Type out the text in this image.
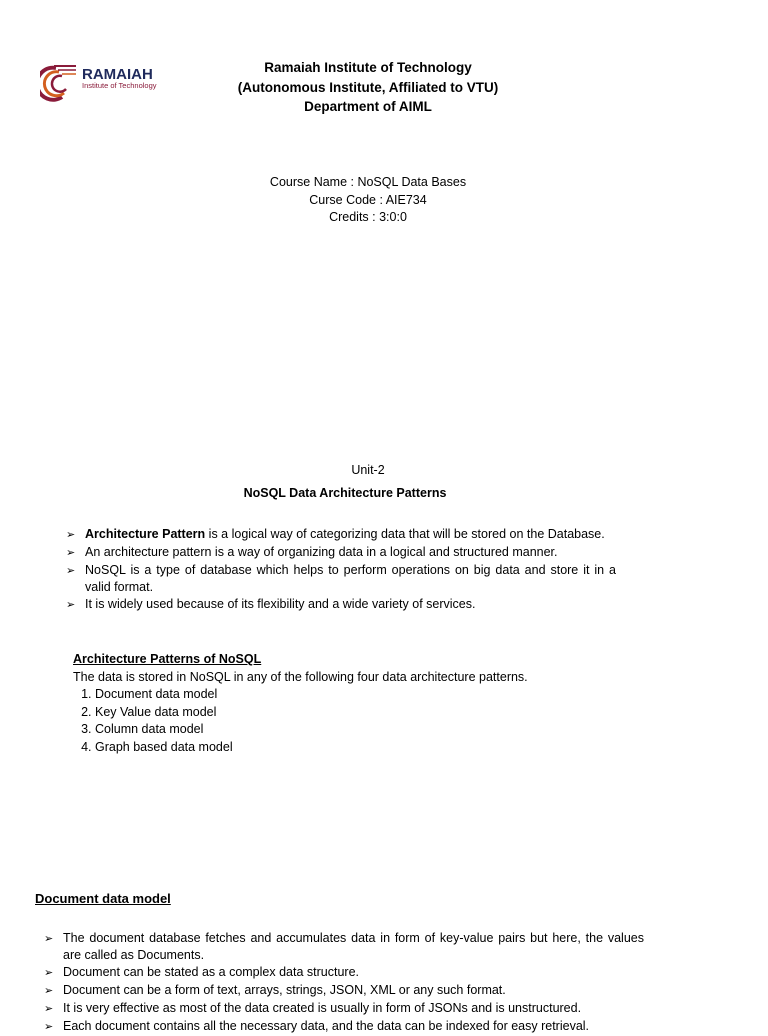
RAMAIAH
Institute of Technology
Ramaiah Institute of Technology
(Autonomous Institute, Affiliated to VTU)
Department of AIML
Course Name : NoSQL Data Bases
Curse Code : AIE734
Credits : 3:0:0
Unit-2
NoSQL Data Architecture Patterns
➢ Architecture Pattern is a logical way of categorizing data that will be stored on the Database.
➢ An architecture pattern is a way of organizing data in a logical and structured manner.
➢ NoSQL is a type of database which helps to perform operations on big data and store it in a valid format.
➢ It is widely used because of its flexibility and a wide variety of services.
Architecture Patterns of NoSQL
The data is stored in NoSQL in any of the following four data architecture patterns.
1. Document data model
2. Key Value data model
3. Column data model
4. Graph based data model
Document data model
➢ The document database fetches and accumulates data in form of key-value pairs but here, the values are called as Documents.
➢ Document can be stated as a complex data structure.
➢ Document can be a form of text, arrays, strings, JSON, XML or any such format.
➢ It is very effective as most of the data created is usually in form of JSONs and is unstructured.
➢ Each document contains all the necessary data, and the data can be indexed for easy retrieval.
